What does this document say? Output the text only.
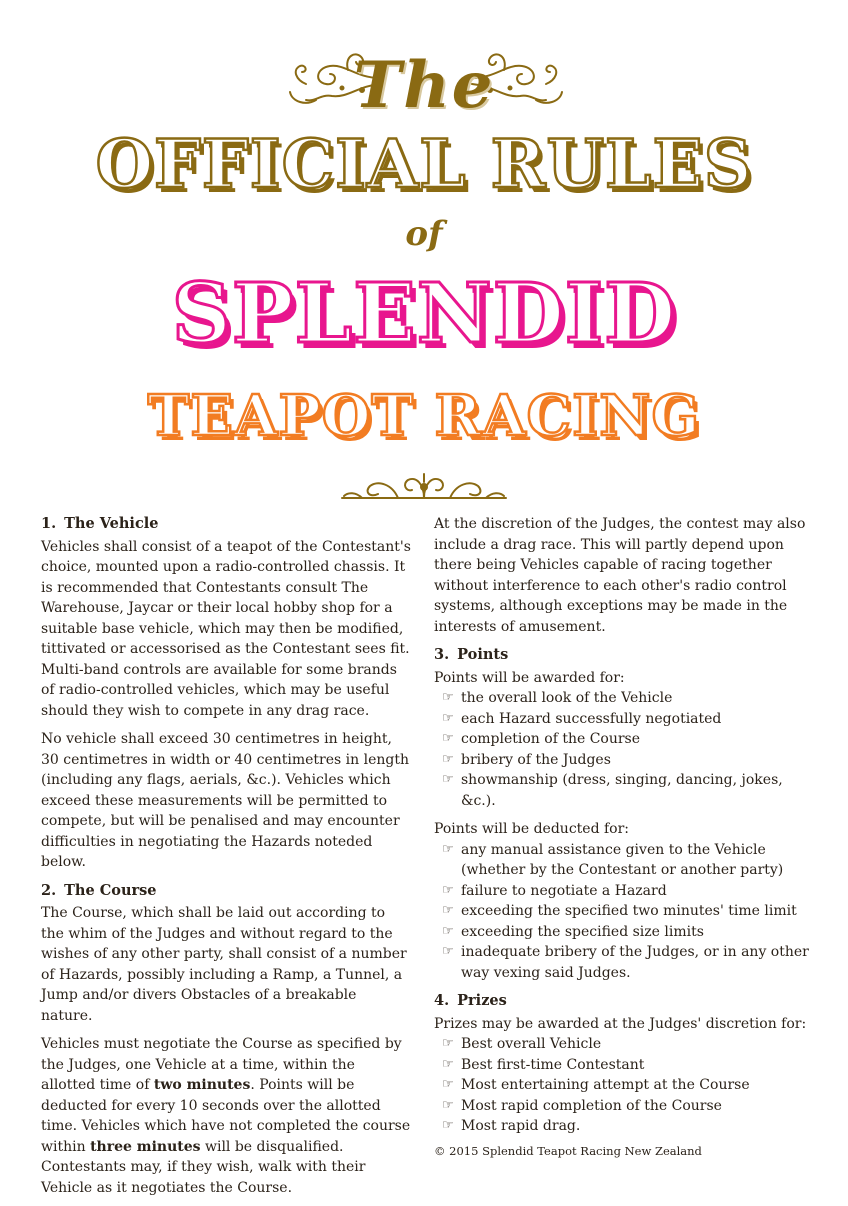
The
OFFICIAL RULES
of
SPLENDID
TEAPOT RACING
1. The Vehicle

Vehicles shall consist of a teapot of the Contestant's choice, mounted upon a radio-controlled chassis. It is recommended that Contestants consult The Warehouse, Jaycar or their local hobby shop for a suitable base vehicle, which may then be modified, tittivated or accessorised as the Contestant sees fit. Multi-band controls are available for some brands of radio-controlled vehicles, which may be useful should they wish to compete in any drag race.

No vehicle shall exceed 30 centimetres in height, 30 centimetres in width or 40 centimetres in length (including any flags, aerials, &c.). Vehicles which exceed these measurements will be permitted to compete, but will be penalised and may encounter difficulties in negotiating the Hazards noteded below.

2. The Course

The Course, which shall be laid out according to the whim of the Judges and without regard to the wishes of any other party, shall consist of a number of Hazards, possibly including a Ramp, a Tunnel, a Jump and/or divers Obstacles of a breakable nature.

Vehicles must negotiate the Course as specified by the Judges, one Vehicle at a time, within the allotted time of two minutes. Points will be deducted for every 10 seconds over the allotted time. Vehicles which have not completed the course within three minutes will be disqualified. Contestants may, if they wish, walk with their Vehicle as it negotiates the Course.

At the discretion of the Judges, the contest may also include a drag race. This will partly depend upon there being Vehicles capable of racing together without interference to each other's radio control systems, although exceptions may be made in the interests of amusement.

3. Points
Points will be awarded for:
☞ the overall look of the Vehicle
☞ each Hazard successfully negotiated
☞ completion of the Course
☞ bribery of the Judges
☞ showmanship (dress, singing, dancing, jokes, &c.).
Points will be deducted for:
☞ any manual assistance given to the Vehicle (whether by the Contestant or another party)
☞ failure to negotiate a Hazard
☞ exceeding the specified two minutes' time limit
☞ exceeding the specified size limits
☞ inadequate bribery of the Judges, or in any other way vexing said Judges.
4. Prizes
Prizes may be awarded at the Judges' discretion for:
☞ Best overall Vehicle
☞ Best first-time Contestant
☞ Most entertaining attempt at the Course
☞ Most rapid completion of the Course
☞ Most rapid drag.
© 2015 Splendid Teapot Racing New Zealand
